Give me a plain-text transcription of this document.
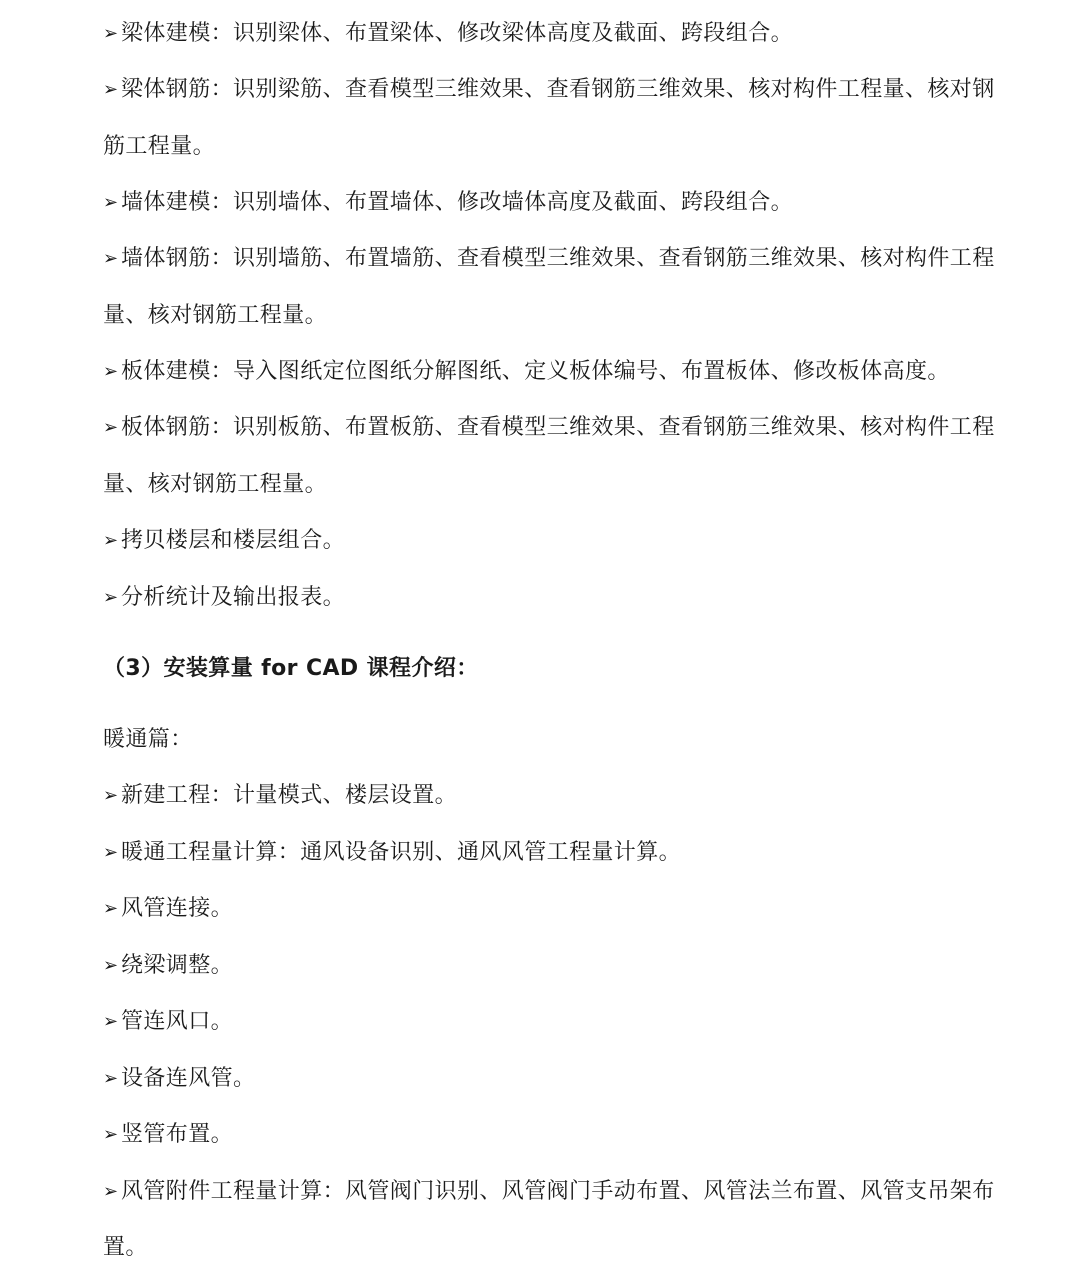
➢ 梁体建模：识别梁体、布置梁体、修改梁体高度及截面、跨段组合。
➢ 梁体钢筋：识别梁筋、查看模型三维效果、查看钢筋三维效果、核对构件工程量、核对钢
筋工程量。
➢ 墙体建模：识别墙体、布置墙体、修改墙体高度及截面、跨段组合。
➢ 墙体钢筋：识别墙筋、布置墙筋、查看模型三维效果、查看钢筋三维效果、核对构件工程
量、核对钢筋工程量。
➢ 板体建模：导入图纸定位图纸分解图纸、定义板体编号、布置板体、修改板体高度。
➢ 板体钢筋：识别板筋、布置板筋、查看模型三维效果、查看钢筋三维效果、核对构件工程
量、核对钢筋工程量。
➢ 拷贝楼层和楼层组合。
➢ 分析统计及输出报表。
（3）安装算量 for CAD 课程介绍：
暖通篇：
➢ 新建工程：计量模式、楼层设置。
➢ 暖通工程量计算：通风设备识别、通风风管工程量计算。
➢ 风管连接。
➢ 绕梁调整。
➢ 管连风口。
➢ 设备连风管。
➢ 竖管布置。
➢ 风管附件工程量计算：风管阀门识别、风管阀门手动布置、风管法兰布置、风管支吊架布
置。
